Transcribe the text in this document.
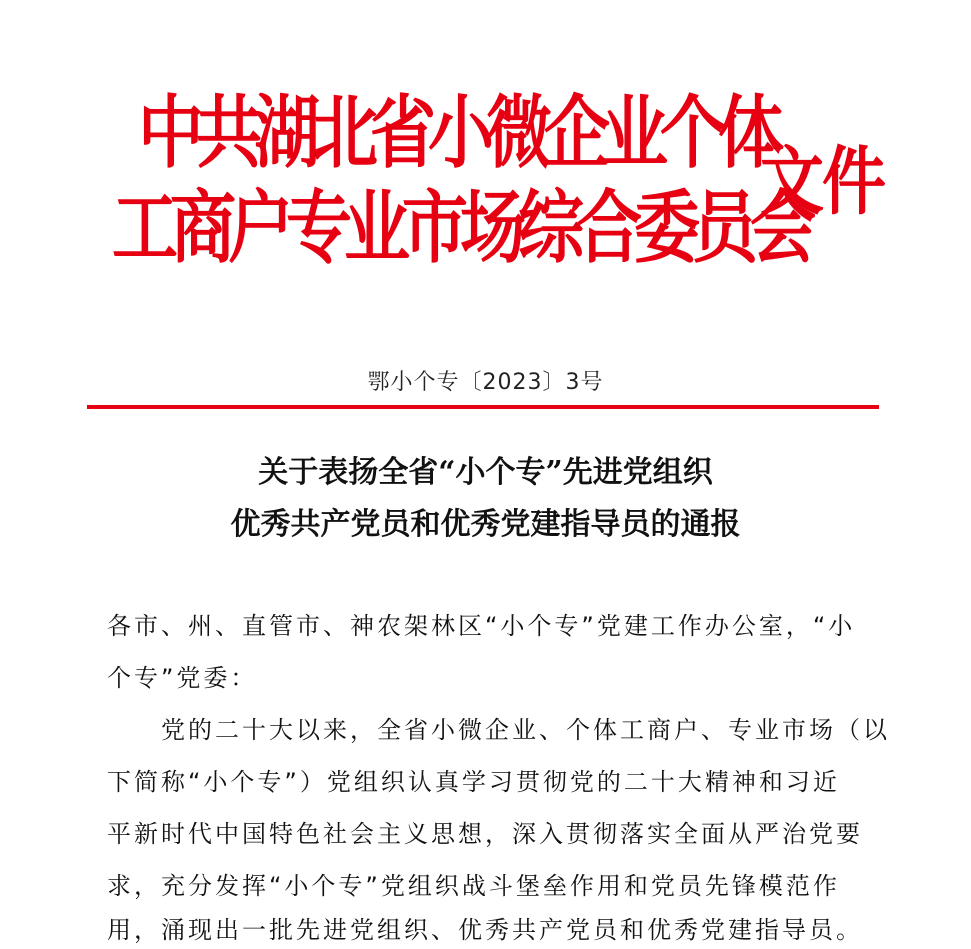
中共湖北省小微企业个体
工商户专业市场综合委员会
文件
鄂小个专〔2023〕3号
关于表扬全省“小个专”先进党组织
优秀共产党员和优秀党建指导员的通报
各市、州、直管市、神农架林区“小个专”党建工作办公室，“小
个专”党委：
　　党的二十大以来，全省小微企业、个体工商户、专业市场（以
下简称“小个专”）党组织认真学习贯彻党的二十大精神和习近
平新时代中国特色社会主义思想，深入贯彻落实全面从严治党要
求，充分发挥“小个专”党组织战斗堡垒作用和党员先锋模范作
用，涌现出一批先进党组织、优秀共产党员和优秀党建指导员。
